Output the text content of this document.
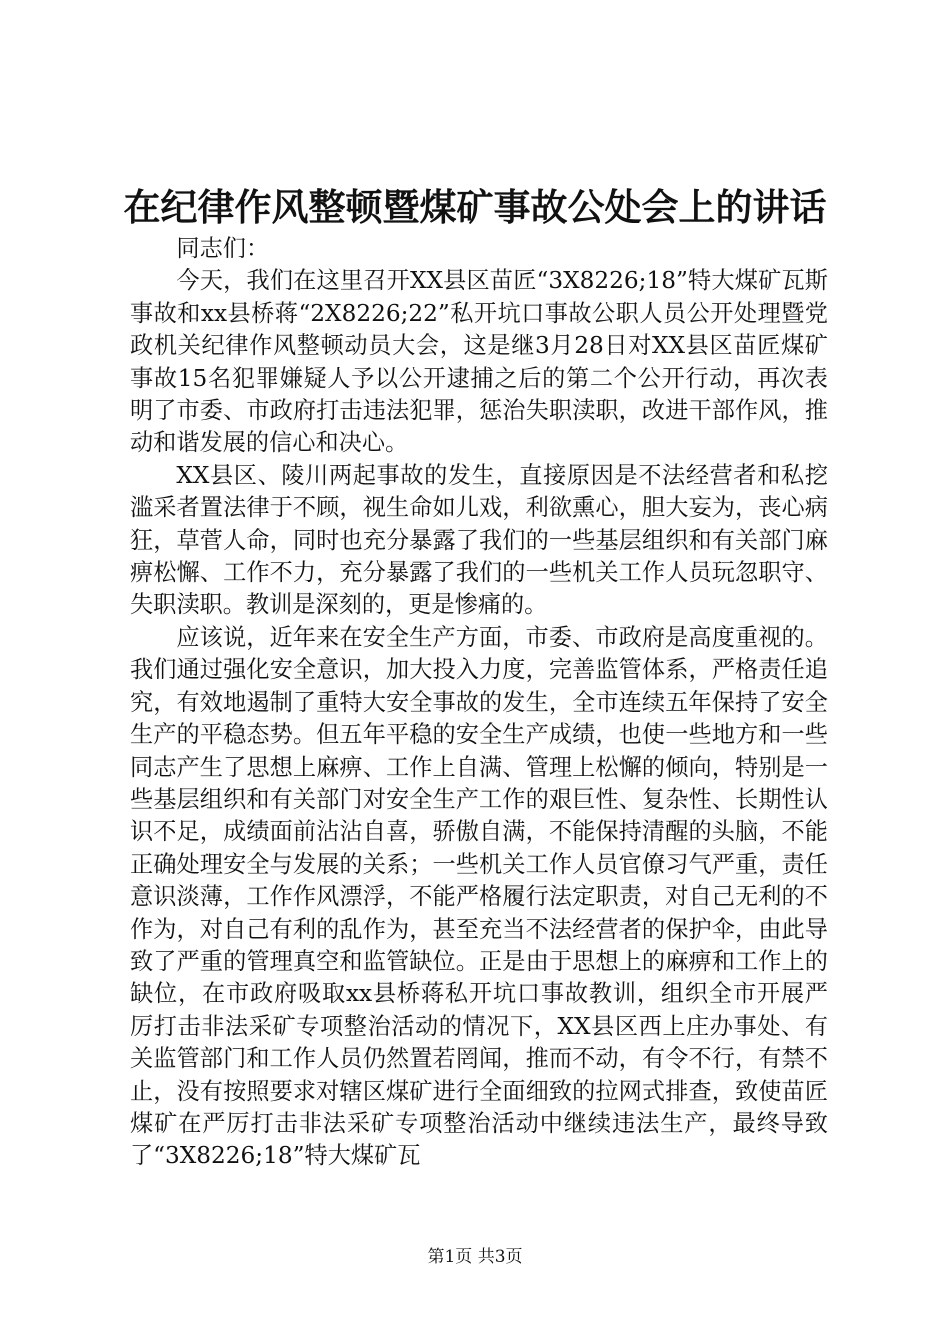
在纪律作风整顿暨煤矿事故公处会上的讲话

同志们：

今天，我们在这里召开XX县区苗匠“3X8226;18”特大煤矿瓦斯事故和xx县桥蒋“2X8226;22”私开坑口事故公职人员公开处理暨党政机关纪律作风整顿动员大会，这是继3月28日对XX县区苗匠煤矿事故15名犯罪嫌疑人予以公开逮捕之后的第二个公开行动，再次表明了市委、市政府打击违法犯罪，惩治失职渎职，改进干部作风，推动和谐发展的信心和决心。

XX县区、陵川两起事故的发生，直接原因是不法经营者和私挖滥采者置法律于不顾，视生命如儿戏，利欲熏心，胆大妄为，丧心病狂，草菅人命，同时也充分暴露了我们的一些基层组织和有关部门麻痹松懈、工作不力，充分暴露了我们的一些机关工作人员玩忽职守、失职渎职。教训是深刻的，更是惨痛的。

应该说，近年来在安全生产方面，市委、市政府是高度重视的。我们通过强化安全意识，加大投入力度，完善监管体系，严格责任追究，有效地遏制了重特大安全事故的发生，全市连续五年保持了安全生产的平稳态势。但五年平稳的安全生产成绩，也使一些地方和一些同志产生了思想上麻痹、工作上自满、管理上松懈的倾向，特别是一些基层组织和有关部门对安全生产工作的艰巨性、复杂性、长期性认识不足，成绩面前沾沾自喜，骄傲自满，不能保持清醒的头脑，不能正确处理安全与发展的关系；一些机关工作人员官僚习气严重，责任意识淡薄，工作作风漂浮，不能严格履行法定职责，对自己无利的不作为，对自己有利的乱作为，甚至充当不法经营者的保护伞，由此导致了严重的管理真空和监管缺位。正是由于思想上的麻痹和工作上的缺位，在市政府吸取xx县桥蒋私开坑口事故教训，组织全市开展严厉打击非法采矿专项整治活动的情况下，XX县区西上庄办事处、有关监管部门和工作人员仍然置若罔闻，推而不动，有令不行，有禁不止，没有按照要求对辖区煤矿进行全面细致的拉网式排查，致使苗匠煤矿在严厉打击非法采矿专项整治活动中继续违法生产，最终导致了“3X8226;18”特大煤矿瓦

第1页 共3页
